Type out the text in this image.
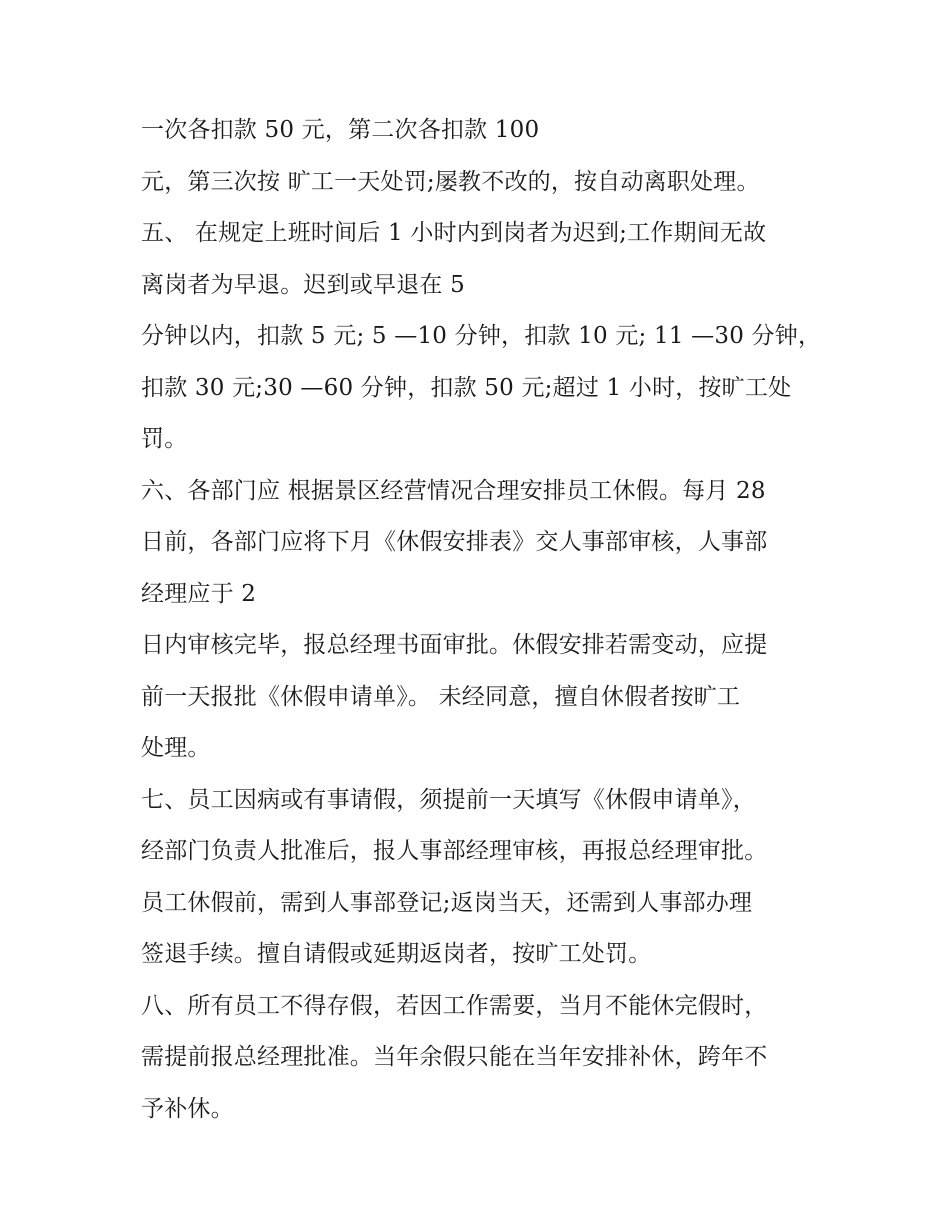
一次各扣款 50 元，第二次各扣款 100
元，第三次按 旷工一天处罚;屡教不改的，按自动离职处理。
五、 在规定上班时间后 1 小时内到岗者为迟到;工作期间无故
离岗者为早退。迟到或早退在 5
分钟以内，扣款 5 元; 5 —10 分钟，扣款 10 元; 11 —30 分钟，
扣款 30 元;30 —60 分钟，扣款 50 元;超过 1 小时，按旷工处
罚。
六、各部门应 根据景区经营情况合理安排员工休假。每月 28
日前，各部门应将下月《休假安排表》交人事部审核，人事部
经理应于 2
日内审核完毕，报总经理书面审批。休假安排若需变动，应提
前一天报批《休假申请单》。 未经同意，擅自休假者按旷工
处理。
七、员工因病或有事请假，须提前一天填写《休假申请单》，
经部门负责人批准后，报人事部经理审核，再报总经理审批。
员工休假前，需到人事部登记;返岗当天，还需到人事部办理
签退手续。擅自请假或延期返岗者，按旷工处罚。
八、所有员工不得存假，若因工作需要，当月不能休完假时，
需提前报总经理批准。当年余假只能在当年安排补休，跨年不
予补休。
